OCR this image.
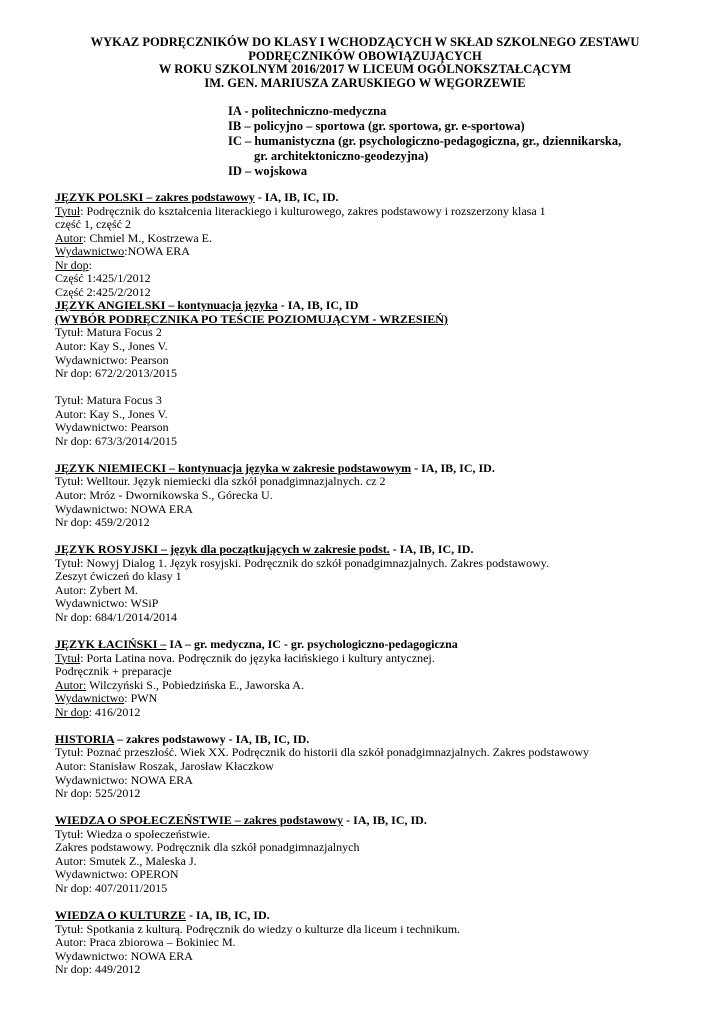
WYKAZ PODRĘCZNIKÓW DO KLASY I WCHODZĄCYCH W SKŁAD SZKOLNEGO ZESTAWU
PODRĘCZNIKÓW OBOWIĄZUJĄCYCH
W ROKU SZKOLNYM 2016/2017 W LICEUM OGÓLNOKSZTAŁCĄCYM
IM. GEN. MARIUSZA ZARUSKIEGO W WĘGORZEWIE
IA - politechniczno-medyczna
IB – policyjno – sportowa (gr. sportowa, gr. e-sportowa)
IC – humanistyczna (gr. psychologiczno-pedagogiczna, gr., dziennikarska,
gr. architektoniczno-geodezyjna)
ID – wojskowa
JĘZYK POLSKI – zakres podstawowy - IA, IB, IC, ID.
Tytuł: Podręcznik do kształcenia literackiego i kulturowego, zakres podstawowy i rozszerzony klasa 1
część 1, część 2
Autor: Chmiel M., Kostrzewa E.
Wydawnictwo:NOWA ERA
Nr dop:
Część 1:425/1/2012
Część 2:425/2/2012
JĘZYK ANGIELSKI – kontynuacja języka - IA, IB, IC, ID
(WYBÓR PODRĘCZNIKA PO TEŚCIE POZIOMUJĄCYM - WRZESIEŃ)
Tytuł: Matura Focus 2
Autor: Kay S., Jones V.
Wydawnictwo: Pearson
Nr dop: 672/2/2013/2015
Tytuł: Matura Focus 3
Autor: Kay S., Jones V.
Wydawnictwo: Pearson
Nr dop: 673/3/2014/2015
JĘZYK NIEMIECKI – kontynuacja języka w zakresie podstawowym - IA, IB, IC, ID.
Tytuł: Welltour. Język niemiecki dla szkół ponadgimnazjalnych. cz 2
Autor: Mróz - Dwornikowska S., Górecka U.
Wydawnictwo: NOWA ERA
Nr dop: 459/2/2012
JĘZYK ROSYJSKI – język dla początkujących w zakresie podst. - IA, IB, IC, ID.
Tytuł: Nowyj Dialog 1. Język rosyjski. Podręcznik do szkół ponadgimnazjalnych. Zakres podstawowy.
Zeszyt ćwiczeń do klasy 1
Autor: Zybert M.
Wydawnictwo: WSiP
Nr dop: 684/1/2014/2014
JĘZYK ŁACIŃSKI – IA – gr. medyczna, IC - gr. psychologiczno-pedagogiczna
Tytuł: Porta Latina nova. Podręcznik do języka łacińskiego i kultury antycznej.
Podręcznik + preparacje
Autor: Wilczyński S., Pobiedzińska E., Jaworska A.
Wydawnictwo: PWN
Nr dop: 416/2012
HISTORIA – zakres podstawowy - IA, IB, IC, ID.
Tytuł: Poznać przeszłość. Wiek XX. Podręcznik do historii dla szkół ponadgimnazjalnych. Zakres podstawowy
Autor: Stanisław Roszak, Jarosław Kłaczkow
Wydawnictwo: NOWA ERA
Nr dop: 525/2012
WIEDZA O SPOŁECZEŃSTWIE – zakres podstawowy - IA, IB, IC, ID.
Tytuł: Wiedza o społeczeństwie.
Zakres podstawowy. Podręcznik dla szkół ponadgimnazjalnych
Autor: Smutek Z., Maleska J.
Wydawnictwo: OPERON
Nr dop: 407/2011/2015
WIEDZA O KULTURZE - IA, IB, IC, ID.
Tytuł: Spotkania z kulturą. Podręcznik do wiedzy o kulturze dla liceum i technikum.
Autor: Praca zbiorowa – Bokiniec M.
Wydawnictwo: NOWA ERA
Nr dop: 449/2012
